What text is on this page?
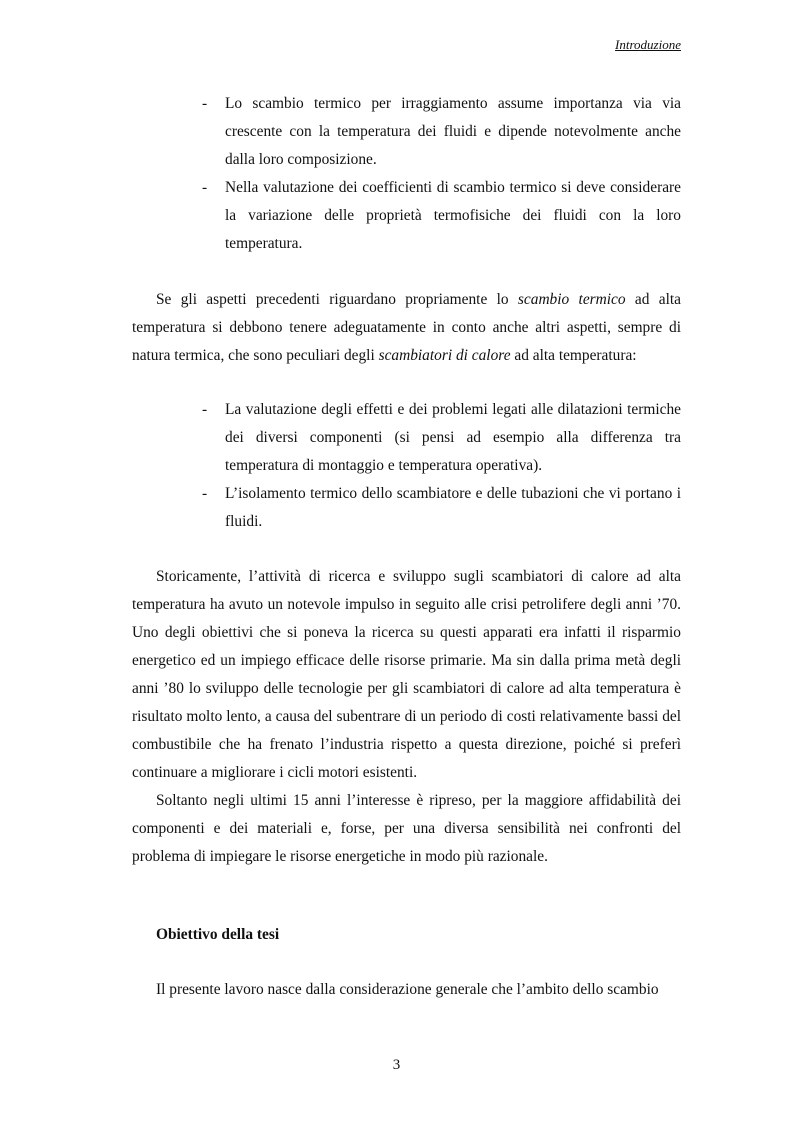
Introduzione
- Lo scambio termico per irraggiamento assume importanza via via crescente con la temperatura dei fluidi e dipende notevolmente anche dalla loro composizione.
- Nella valutazione dei coefficienti di scambio termico si deve considerare la variazione delle proprietà termofisiche dei fluidi con la loro temperatura.

Se gli aspetti precedenti riguardano propriamente lo scambio termico ad alta temperatura si debbono tenere adeguatamente in conto anche altri aspetti, sempre di natura termica, che sono peculiari degli scambiatori di calore ad alta temperatura:

- La valutazione degli effetti e dei problemi legati alle dilatazioni termiche dei diversi componenti (si pensi ad esempio alla differenza tra temperatura di montaggio e temperatura operativa).
- L’isolamento termico dello scambiatore e delle tubazioni che vi portano i fluidi.

Storicamente, l’attività di ricerca e sviluppo sugli scambiatori di calore ad alta temperatura ha avuto un notevole impulso in seguito alle crisi petrolifere degli anni ’70. Uno degli obiettivi che si poneva la ricerca su questi apparati era infatti il risparmio energetico ed un impiego efficace delle risorse primarie. Ma sin dalla prima metà degli anni ’80 lo sviluppo delle tecnologie per gli scambiatori di calore ad alta temperatura è risultato molto lento, a causa del subentrare di un periodo di costi relativamente bassi del combustibile che ha frenato l’industria rispetto a questa direzione, poiché si preferì continuare a migliorare i cicli motori esistenti.

Soltanto negli ultimi 15 anni l’interesse è ripreso, per la maggiore affidabilità dei componenti e dei materiali e, forse, per una diversa sensibilità nei confronti del problema di impiegare le risorse energetiche in modo più razionale.

Obiettivo della tesi

Il presente lavoro nasce dalla considerazione generale che l’ambito dello scambio

3
